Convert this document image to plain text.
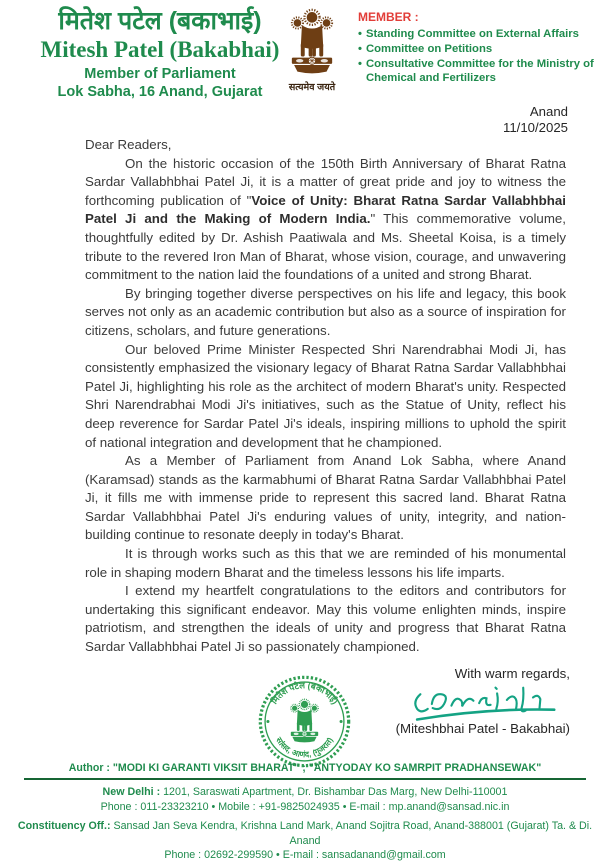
मितेश पटेल (बकाभाई)
Mitesh Patel (Bakabhai)
Member of Parliament
Lok Sabha, 16 Anand, Gujarat	सत्यमेव जयते
MEMBER :
• Standing Committee on External Affairs
• Committee on Petitions
• Consultative Committee for the Ministry of Chemical and Fertilizers
Anand
11/10/2025

Dear Readers,

On the historic occasion of the 150th Birth Anniversary of Bharat Ratna Sardar Vallabhbhai Patel Ji, it is a matter of great pride and joy to witness the forthcoming publication of "Voice of Unity: Bharat Ratna Sardar Vallabhbhai Patel Ji and the Making of Modern India." This commemorative volume, thoughtfully edited by Dr. Ashish Paatiwala and Ms. Sheetal Koisa, is a timely tribute to the revered Iron Man of Bharat, whose vision, courage, and unwavering commitment to the nation laid the foundations of a united and strong Bharat.

By bringing together diverse perspectives on his life and legacy, this book serves not only as an academic contribution but also as a source of inspiration for citizens, scholars, and future generations.

Our beloved Prime Minister Respected Shri Narendrabhai Modi Ji, has consistently emphasized the visionary legacy of Bharat Ratna Sardar Vallabhbhai Patel Ji, highlighting his role as the architect of modern Bharat's unity. Respected Shri Narendrabhai Modi Ji's initiatives, such as the Statue of Unity, reflect his deep reverence for Sardar Patel Ji's ideals, inspiring millions to uphold the spirit of national integration and development that he championed.

As a Member of Parliament from Anand Lok Sabha, where Anand (Karamsad) stands as the karmabhumi of Bharat Ratna Sardar Vallabhbhai Patel Ji, it fills me with immense pride to represent this sacred land. Bharat Ratna Sardar Vallabhbhai Patel Ji's enduring values of unity, integrity, and nation-building continue to resonate deeply in today's Bharat.

It is through works such as this that we are reminded of his monumental role in shaping modern Bharat and the timeless lessons his life imparts.

I extend my heartfelt congratulations to the editors and contributors for undertaking this significant endeavor. May this volume enlighten minds, inspire patriotism, and strengthen the ideals of unity and progress that Bharat Ratna Sardar Vallabhbhai Patel Ji so passionately championed.

With warm regards,
(Miteshbhai Patel - Bakabhai)
मितेश पटेल (बकाभाई)
सांसद, आणंद, (गुजरात)
Author : "MODI KI GARANTI VIKSIT BHARAT" ; "ANTYODAY KO SAMRPIT PRADHANSEWAK"
New Delhi : 1201, Saraswati Apartment, Dr. Bishambar Das Marg, New Delhi-110001
Phone : 011-23323210 • Mobile : +91-9825024935 • E-mail : mp.anand@sansad.nic.in
Constituency Off.: Sansad Jan Seva Kendra, Krishna Land Mark, Anand Sojitra Road, Anand-388001 (Gujarat) Ta. & Di. Anand
Phone : 02692-299590 • E-mail : sansadanand@gmail.com
